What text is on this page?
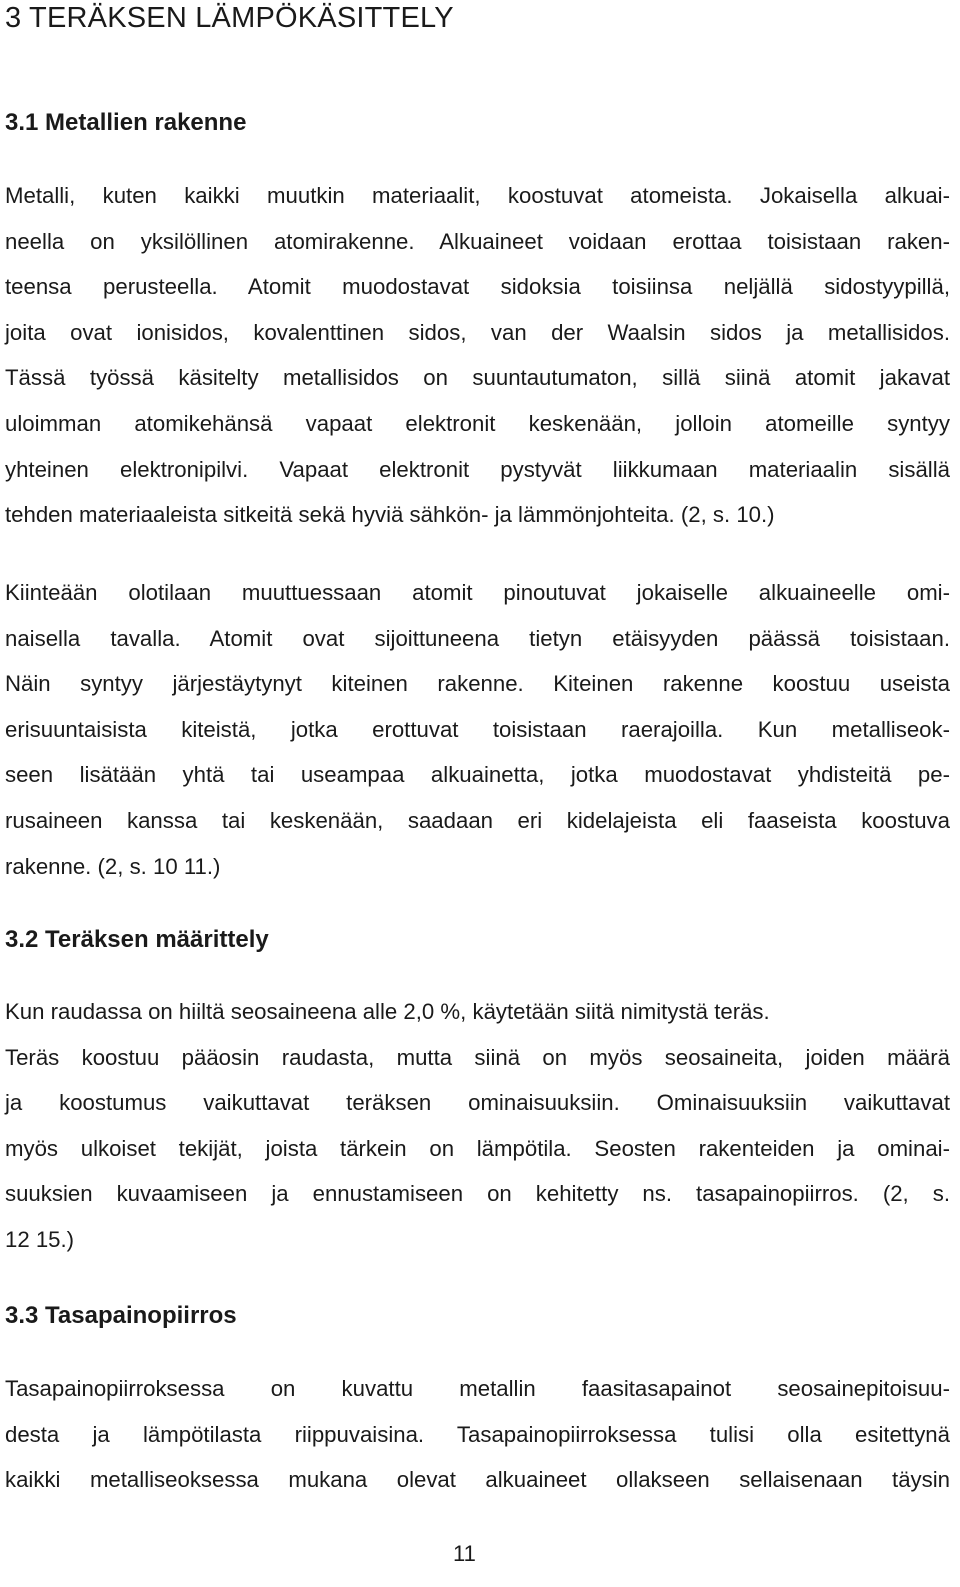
3 TERÄKSEN LÄMPÖKÄSITTELY
3.1 Metallien rakenne
Metalli, kuten kaikki muutkin materiaalit, koostuvat atomeista. Jokaisella alkuai-
neella on yksilöllinen atomirakenne. Alkuaineet voidaan erottaa toisistaan raken-
teensa perusteella. Atomit muodostavat sidoksia toisiinsa neljällä sidostyypillä,
joita ovat ionisidos, kovalenttinen sidos, van der Waalsin sidos ja metallisidos.
Tässä työssä käsitelty metallisidos on suuntautumaton, sillä siinä atomit jakavat
uloimman atomikehänsä vapaat elektronit keskenään, jolloin atomeille syntyy
yhteinen elektronipilvi. Vapaat elektronit pystyvät liikkumaan materiaalin sisällä
tehden materiaaleista sitkeitä sekä hyviä sähkön- ja lämmönjohteita. (2, s. 10.)
Kiinteään olotilaan muuttuessaan atomit pinoutuvat jokaiselle alkuaineelle omi-
naisella tavalla. Atomit ovat sijoittuneena tietyn etäisyyden päässä toisistaan.
Näin syntyy järjestäytynyt kiteinen rakenne. Kiteinen rakenne koostuu useista
erisuuntaisista kiteistä, jotka erottuvat toisistaan raerajoilla. Kun metalliseok-
seen lisätään yhtä tai useampaa alkuainetta, jotka muodostavat yhdisteitä pe-
rusaineen kanssa tai keskenään, saadaan eri kidelajeista eli faaseista koostuva
rakenne. (2, s. 10 11.)
3.2 Teräksen määrittely
Kun raudassa on hiiltä seosaineena alle 2,0 %, käytetään siitä nimitystä teräs.
Teräs koostuu pääosin raudasta, mutta siinä on myös seosaineita, joiden määrä
ja koostumus vaikuttavat teräksen ominaisuuksiin. Ominaisuuksiin vaikuttavat
myös ulkoiset tekijät, joista tärkein on lämpötila. Seosten rakenteiden ja ominai-
suuksien kuvaamiseen ja ennustamiseen on kehitetty ns. tasapainopiirros. (2, s.
12 15.)
3.3 Tasapainopiirros
Tasapainopiirroksessa on kuvattu metallin faasitasapainot seosainepitoisuu-
desta ja lämpötilasta riippuvaisina. Tasapainopiirroksessa tulisi olla esitettynä
kaikki metalliseoksessa mukana olevat alkuaineet ollakseen sellaisenaan täysin
11
